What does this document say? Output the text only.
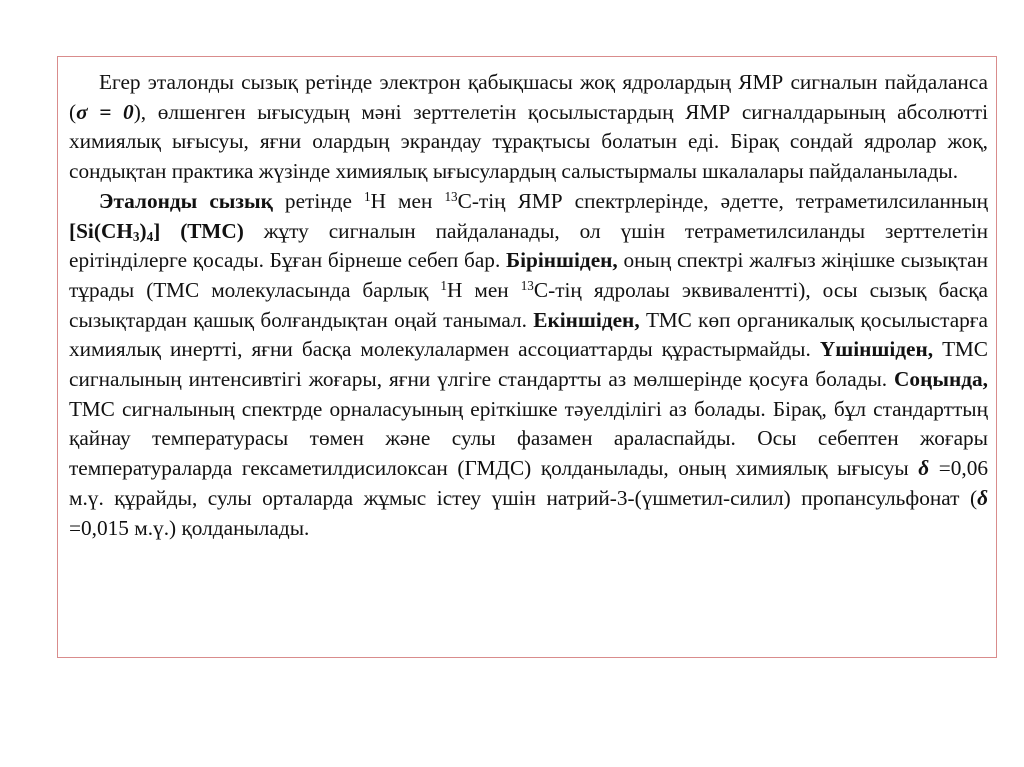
Егер эталонды сызық ретінде электрон қабықшасы жоқ ядролардың ЯМР сигналын пайдаланса (σ = 0), өлшенген ығысудың мәні зерттелетін қосылыстардың ЯМР сигналдарының абсолютті химиялық ығысуы, яғни олардың экрандау тұрақтысы болатын еді. Бірақ сондай ядролар жоқ, сондықтан практика жүзінде химиялық ығысулардың салыстырмалы шкалалары пайдаланылады.

Эталонды сызық ретінде $^1$H мен $^{13}$C-тің ЯМР спектрлерінде, әдетте, тетраметилсиланның $[Si(CH_3)_4]$ (ТМС) жұту сигналын пайдаланады, ол үшін тетраметилсиланды зерттелетін ерітінділерге қосады. Бұған бірнеше себеп бар. Біріншіден, оның спектрі жалғыз жіңішке сызықтан тұрады (ТМС молекуласында барлық $^1$H мен $^{13}$C-тің ядролаы эквивалентті), осы сызық басқа сызықтардан қашық болғандықтан оңай танымал. Екіншіден, ТМС көп органикалық қосылыстарға химиялық инертті, яғни басқа молекулалармен ассоциаттарды құрастырмайды. Үшіншіден, ТМС сигналының интенсивтігі жоғары, яғни үлгіге стандартты аз мөлшерінде қосуға болады. Соңында, ТМС сигналының спектрде орналасуының еріткішке тәуелділігі аз болады. Бірақ, бұл стандарттың қайнау температурасы төмен және сулы фазамен араласпайды. Осы себептен жоғары температураларда гексаметилдисилоксан (ГМДС) қолданылады, оның химиялық ығысуы δ =0,06 м.ү. құрайды, сулы орталарда жұмыс істеу үшін натрий-3-(үшметил-силил) пропансульфонат (δ =0,015 м.ү.) қолданылады.
